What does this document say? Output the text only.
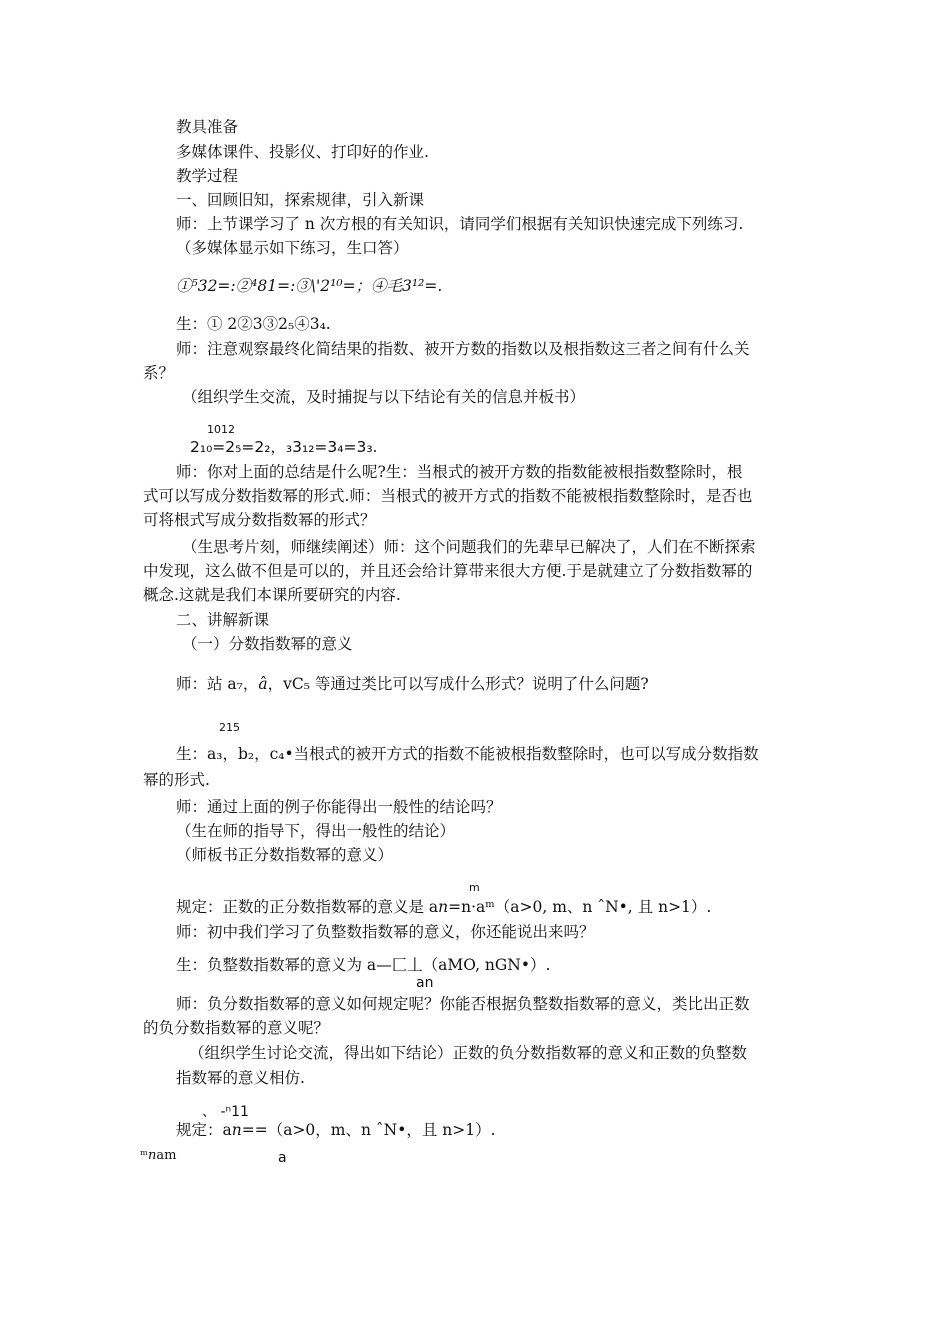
教具准备
多媒体课件、投影仪、打印好的作业.
教学过程
一、回顾旧知，探索规律，引入新课
师：上节课学习了 n 次方根的有关知识，请同学们根据有关知识快速完成下列练习.
（多媒体显示如下练习，生口答）
①⁵32=:②⁴81=:③\'2¹⁰=；④毛3¹²=.
生：① 2②3③2₅④3₄.
师：注意观察最终化简结果的指数、被开方数的指数以及根指数这三者之间有什么关
系？
（组织学生交流，及时捕捉与以下结论有关的信息并板书）
1012
2₁₀=2₅=2₂，₃3₁₂=3₄=3₃.
师：你对上面的总结是什么呢?生：当根式的被开方数的指数能被根指数整除时，根
式可以写成分数指数幂的形式.师：当根式的被开方式的指数不能被根指数整除时，是否也
可将根式写成分数指数幂的形式？
（生思考片刻，师继续阐述）师：这个问题我们的先辈早已解决了，人们在不断探索
中发现，这么做不但是可以的，并且还会给计算带来很大方便.于是就建立了分数指数幂的
概念.这就是我们本课所要研究的内容.
二、讲解新课
（一）分数指数幂的意义
师：站 a₇，𝑎̂，vC₅ 等通过类比可以写成什么形式？说明了什么问题?
215
生：a₃，b₂，c₄•当根式的被开方式的指数不能被根指数整除时，也可以写成分数指数
幂的形式.
师：通过上面的例子你能得出一般性的结论吗？
（生在师的指导下，得出一般性的结论）
（师板书正分数指数幂的意义）
m
规定：正数的正分数指数幂的意义是 a𝑛=n·aᵐ（a>0, m、n ˆN•, 且 n>1）.
师：初中我们学习了负整数指数幂的意义，你还能说出来吗？
生：负整数指数幂的意义为 a—匚丄（aMO, nGN•）.
an
师：负分数指数幂的意义如何规定呢？你能否根据负整数指数幂的意义，类比出正数
的负分数指数幂的意义呢？
（组织学生讨论交流，得出如下结论）正数的负分数指数幂的意义和正数的负整数
指数幂的意义相仿.
、 -ⁿ11
规定：a𝑛==（a>0，m、n ˆN•，且 n>1）.
ᵐ𝑛am	a
